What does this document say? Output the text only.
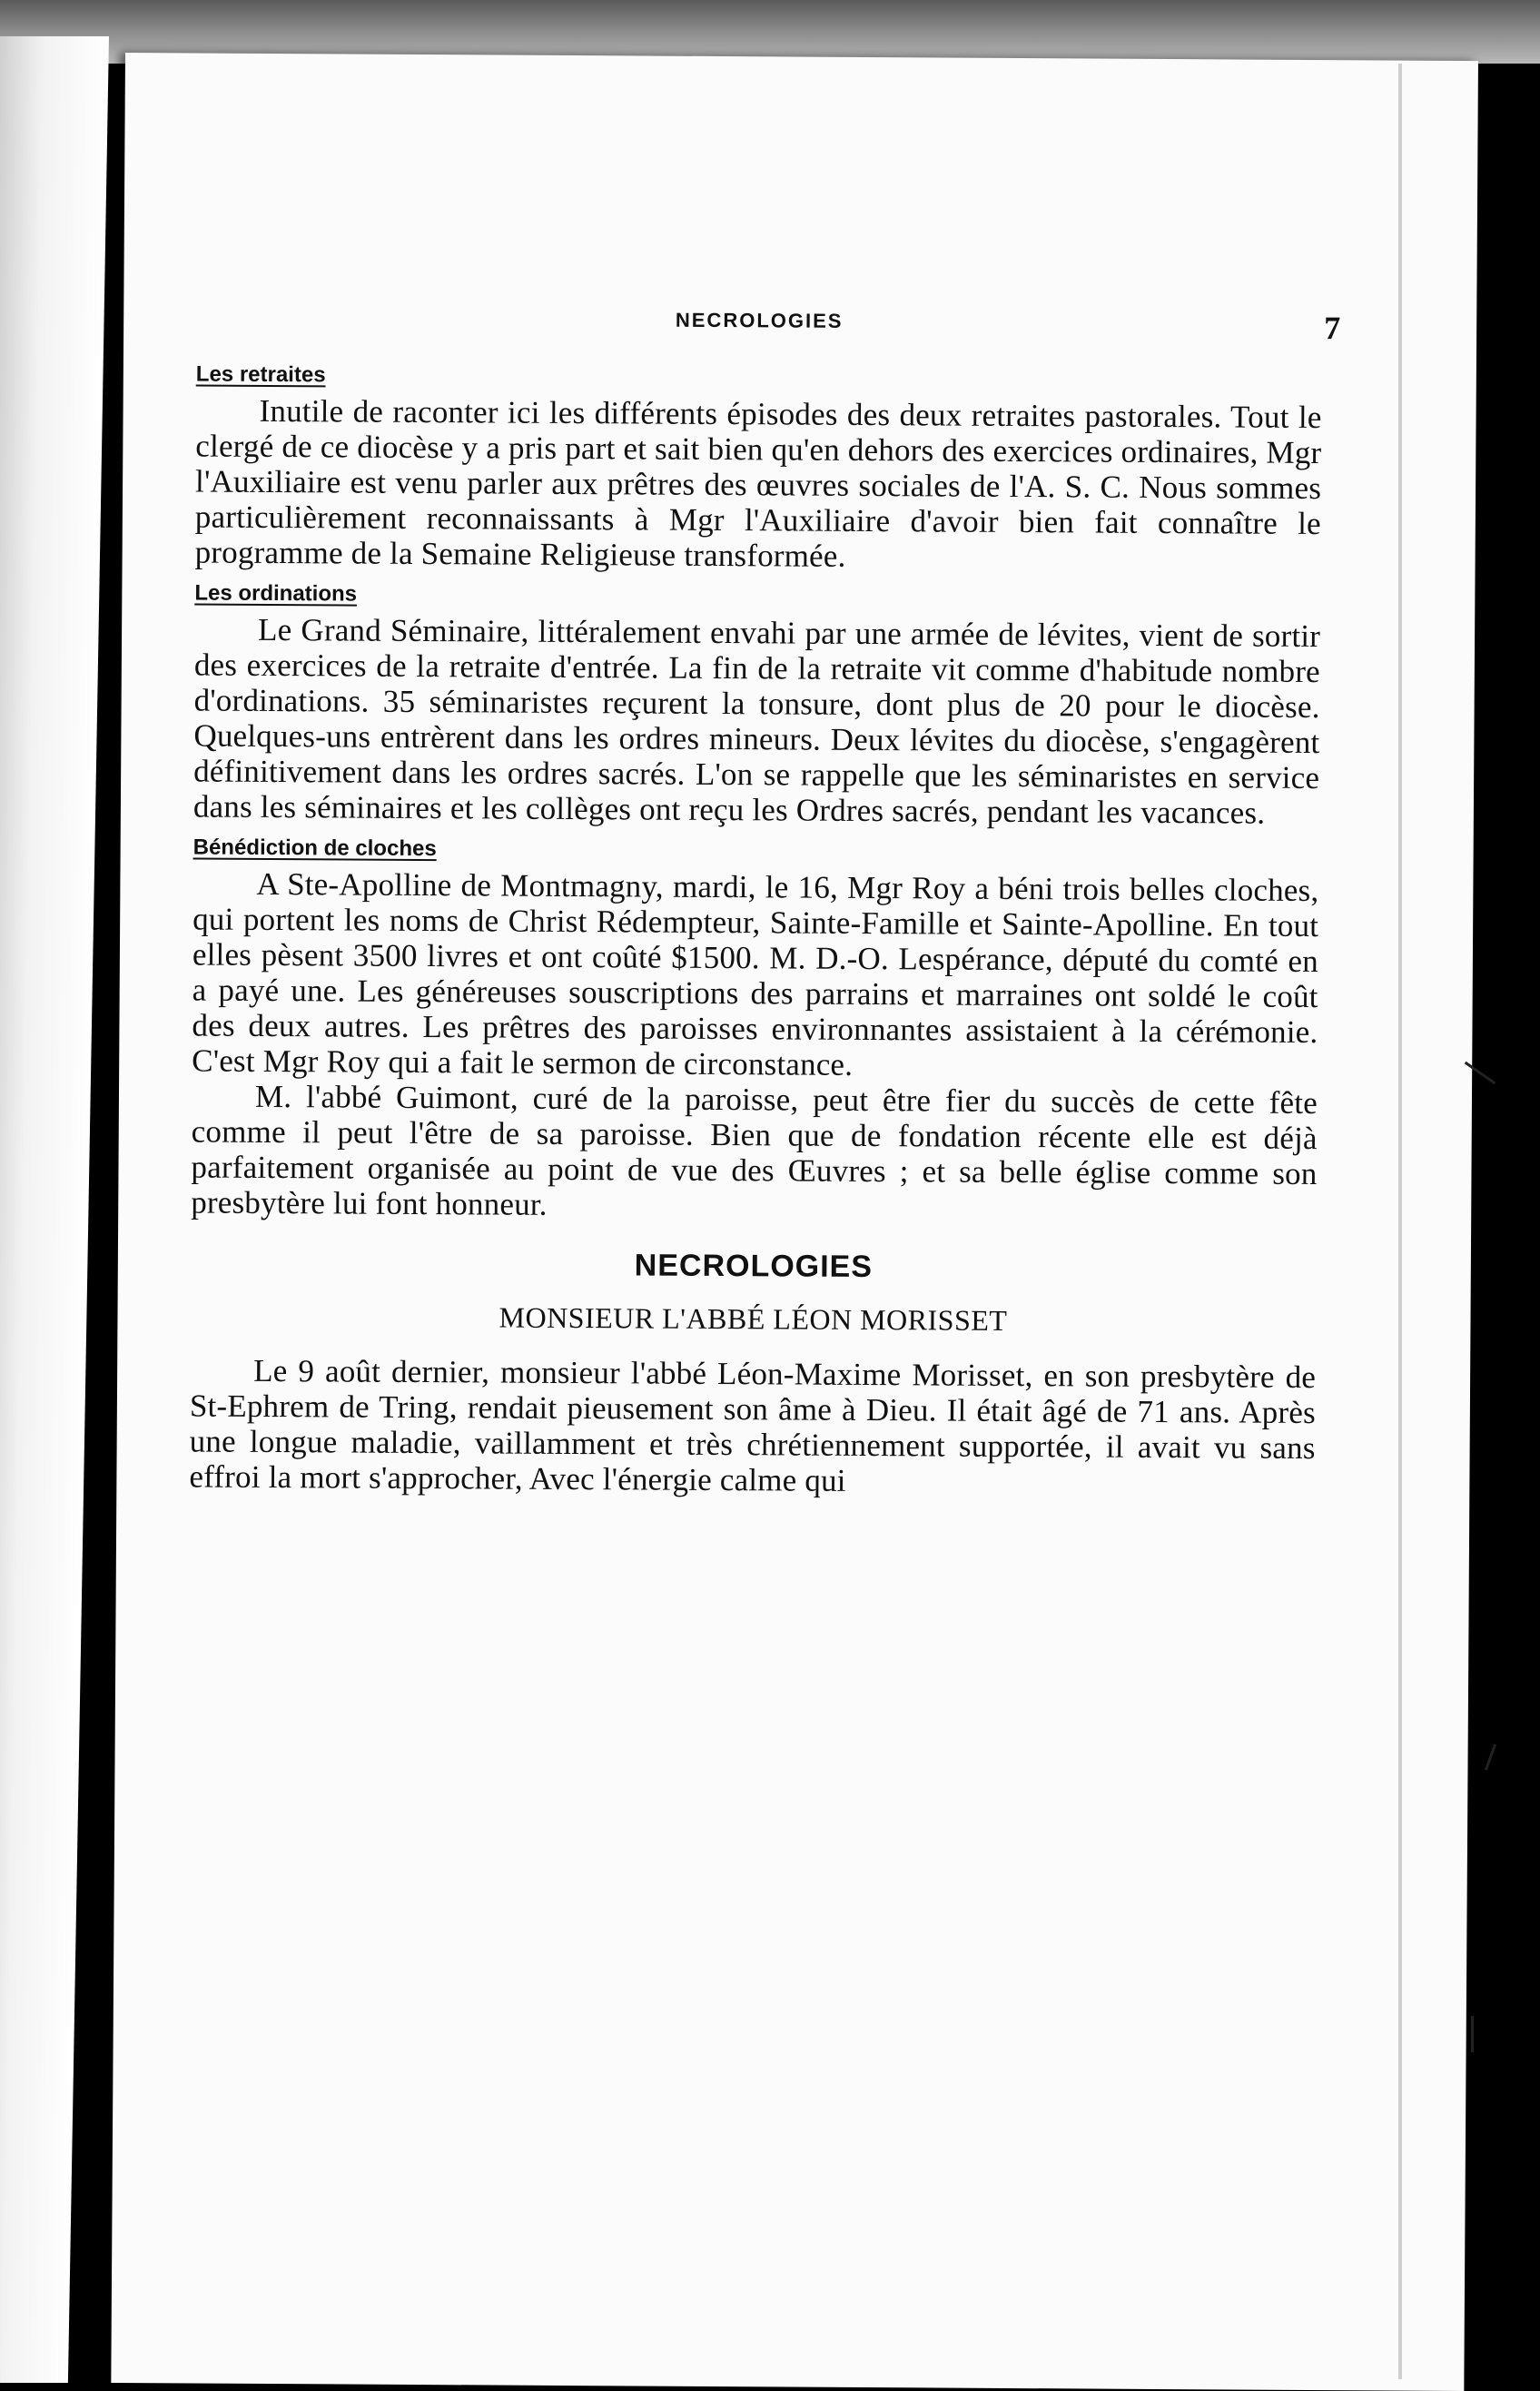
NECROLOGIES	7
Les retraites

Inutile de raconter ici les différents épisodes des deux retraites pastorales. Tout le clergé de ce diocèse y a pris part et sait bien qu'en dehors des exercices ordinaires, Mgr l'Auxiliaire est venu parler aux prêtres des œuvres sociales de l'A. S. C. Nous sommes particulièrement reconnaissants à Mgr l'Auxiliaire d'avoir bien fait connaître le programme de la Semaine Religieuse transformée.

Les ordinations

Le Grand Séminaire, littéralement envahi par une armée de lévites, vient de sortir des exercices de la retraite d'entrée. La fin de la retraite vit comme d'habitude nombre d'ordinations. 35 séminaristes reçurent la tonsure, dont plus de 20 pour le diocèse. Quelques-uns entrèrent dans les ordres mineurs. Deux lévites du diocèse, s'engagèrent définitivement dans les ordres sacrés. L'on se rappelle que les séminaristes en service dans les séminaires et les collèges ont reçu les Ordres sacrés, pendant les vacances.

Bénédiction de cloches

A Ste-Apolline de Montmagny, mardi, le 16, Mgr Roy a béni trois belles cloches, qui portent les noms de Christ Rédempteur, Sainte-Famille et Sainte-Apolline. En tout elles pèsent 3500 livres et ont coûté $1500. M. D.-O. Lespérance, député du comté en a payé une. Les généreuses souscriptions des parrains et marraines ont soldé le coût des deux autres. Les prêtres des paroisses environnantes assistaient à la cérémonie. C'est Mgr Roy qui a fait le sermon de circonstance.

M. l'abbé Guimont, curé de la paroisse, peut être fier du succès de cette fête comme il peut l'être de sa paroisse. Bien que de fondation récente elle est déjà parfaitement organisée au point de vue des Œuvres ; et sa belle église comme son presbytère lui font honneur.

NECROLOGIES
MONSIEUR L'ABBÉ LÉON MORISSET

Le 9 août dernier, monsieur l'abbé Léon-Maxime Morisset, en son presbytère de St-Ephrem de Tring, rendait pieusement son âme à Dieu. Il était âgé de 71 ans. Après une longue maladie, vaillamment et très chrétiennement supportée, il avait vu sans effroi la mort s'approcher, Avec l'énergie calme qui
